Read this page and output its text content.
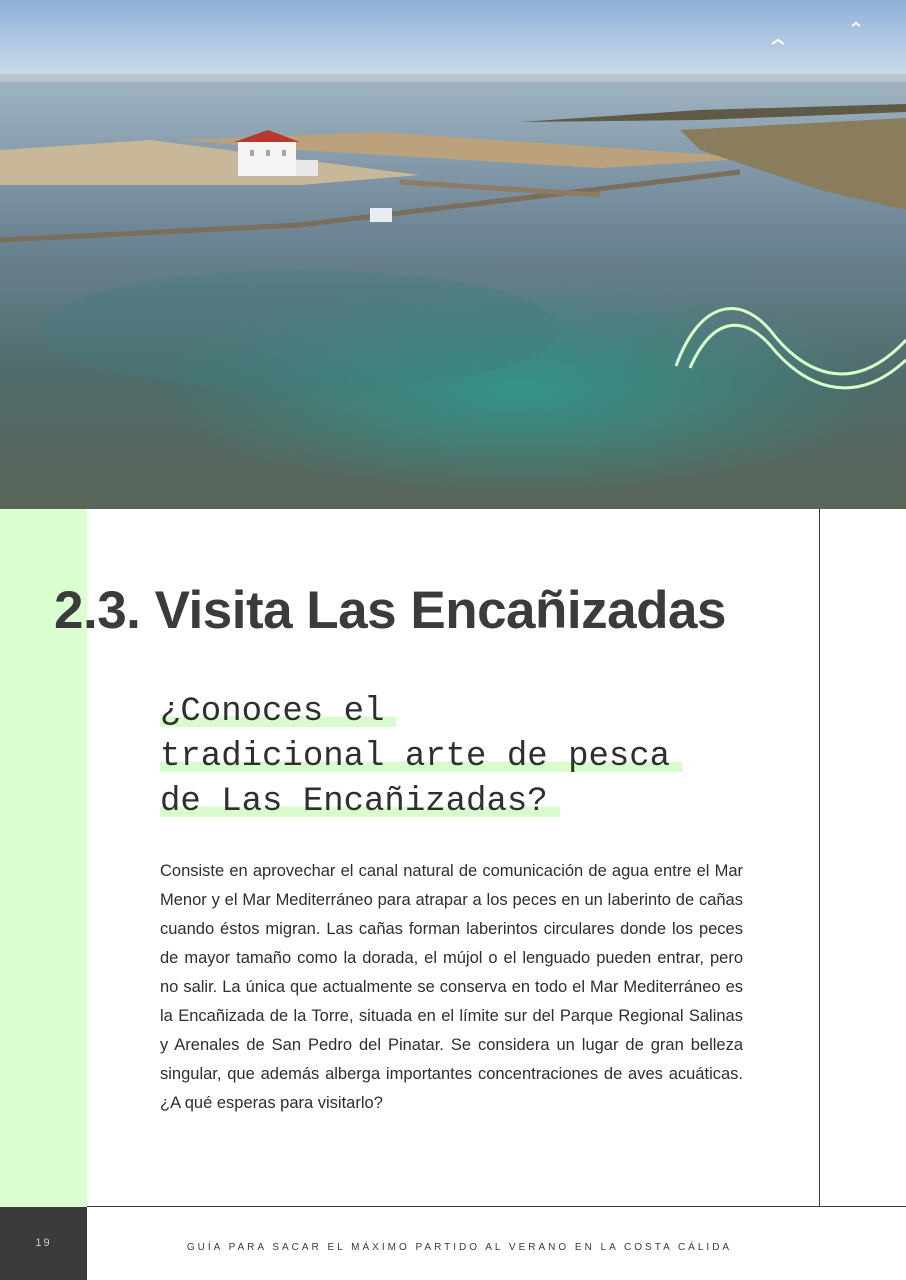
2.3. Visita Las Encañizadas
¿Conoces el
tradicional arte de pesca
de Las Encañizadas?

Consiste en aprovechar el canal natural de comunicación de agua entre el Mar Menor y el Mar Mediterráneo para atrapar a los peces en un laberinto de cañas cuando éstos migran. Las cañas forman laberintos circulares donde los peces de mayor tamaño como la dorada, el mújol o el lenguado pueden entrar, pero no salir. La única que actualmente se conserva en todo el Mar Mediterráneo es la Encañizada de la Torre, situada en el límite sur del Parque Regional Salinas y Arenales de San Pedro del Pinatar. Se considera un lugar de gran belleza singular, que además alberga importantes concentraciones de aves acuáticas. ¿A qué esperas para visitarlo?

19	GUÍA PARA SACAR EL MÁXIMO PARTIDO AL VERANO EN LA COSTA CÁLIDA
